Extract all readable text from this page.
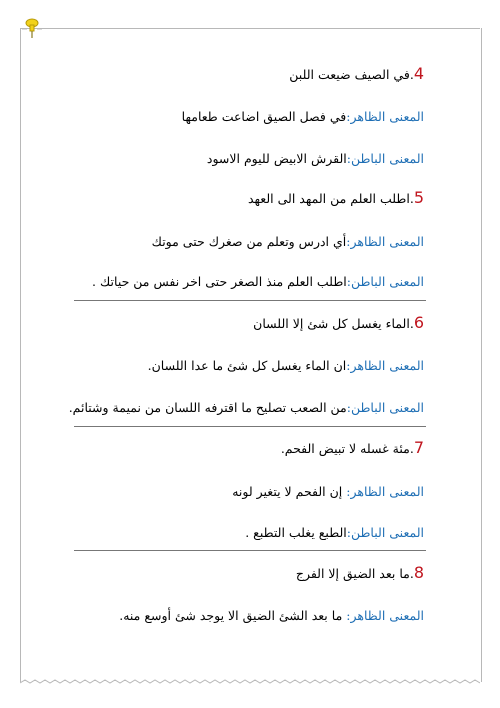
4.في الصيف ضيعت اللبن
المعنى الظاهر:في فصل الصيق اضاعت طعامها
المعنى الباطن:القرش الابيض لليوم الاسود
5.اطلب العلم من المهد الى العهد
المعنى الظاهر:أي ادرس وتعلم من صغرك حتى موتك
المعنى الباطن:اطلب العلم منذ الصغر حتى اخر نفس من حياتك .
6.الماء يغسل كل شئ إلا اللسان
المعنى الظاهر:ان الماء يغسل كل شئ ما عدا اللسان.
المعنى الباطن:من الصعب تصليح ما اقترفه اللسان من نميمة وشتائم.
7.مئة غسله لا تبيض الفحم.
المعنى الظاهر: إن الفحم لا يتغير لونه
المعنى الباطن:الطبع يغلب التطبع .
8.ما بعد الضيق إلا الفرج
المعنى الظاهر: ما بعد الشئ الضيق الا يوجد شئ أوسع منه.
